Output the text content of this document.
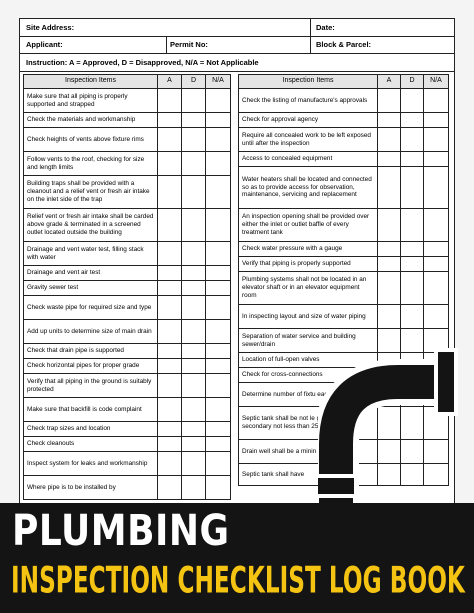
Site Address:	Date:
Applicant:	Permit No:	Block & Parcel:
Instruction: A = Approved, D = Disapproved, N/A = Not Applicable
Inspection Items	A	D	N/A
Make sure that all piping is properly supported and strapped			
Check the materials and workmanship			
Check heights of vents above fixture rims			
Follow vents to the roof, checking for size and length limits			
Building traps shall be provided with a cleanout and a relief vent or fresh air intake on the inlet side of the trap			
Relief vent or fresh air intake shall be carded above grade & terminated in a screened outlet located outside the building			
Drainage and vent water test, filling stack with water			
Drainage and vent air test			
Gravity sewer test			
Check waste pipe for required size and type			
Add up units to determine size of main drain			
Check that drain pipe is supported			
Check horizontal pipes for proper grade			
Verify that all piping in the ground is suitably protected			
Make sure that backfill is code complaint			
Check trap sizes and location			
Check cleanouts			
Inspect system for leaks and workmanship			
Where pipe is to be installed by			
Inspection Items	A	D	N/A
Check the listing of manufacture's approvals			
Check for approval agency			
Require all concealed work to be left exposed until after the inspection			
Access to concealed equipment			
Water heaters shall be located and connected so as to provide access for observation, maintenance, servicing and replacement			
An inspection opening shall be provided over either the inlet or outlet baffle of every treatment tank			
Check water pressure with a gauge			
Verify that piping is properly supported			
Plumbing systems shall not be located in an elevator shaft or in an elevator equipment room			
In inspecting layout and size of water piping			
Separation of water service and building sewer/drain			
Location of full-open valves			
Check for cross-connections			
Determine number of fixtu each branch line-			
Septic tank shall be not le gallons and the secondary not less than 250 gallons			
Drain well shall be a minin deep			
Septic tank shall have			
PLUMBING
INSPECTION CHECKLIST LOG BOOK
